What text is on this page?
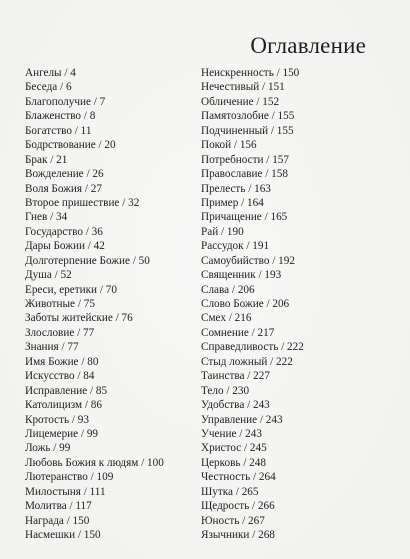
Оглавление
Ангелы / 4
Беседа / 6
Благополучие / 7
Блаженство / 8
Богатство / 11
Бодрствование / 20
Брак / 21
Вожделение / 26
Воля Божия / 27
Второе пришествие / 32
Гнев / 34
Государство / 36
Дары Божии / 42
Долготерпение Божие / 50
Душа / 52
Ереси, еретики / 70
Животные / 75
Заботы житейские / 76
Злословие / 77
Знания / 77
Имя Божие / 80
Искусство / 84
Исправление / 85
Католицизм / 86
Кротость / 93
Лицемерие / 99
Ложь / 99
Любовь Божия к людям / 100
Лютеранство / 109
Милостыня / 111
Молитва / 117
Награда / 150
Насмешки / 150
Неискренность / 150
Нечестивый / 151
Обличение / 152
Памятозлобие / 155
Подчиненный / 155
Покой / 156
Потребности / 157
Православие / 158
Прелесть / 163
Пример / 164
Причащение / 165
Рай / 190
Рассудок / 191
Самоубийство / 192
Священник / 193
Слава / 206
Слово Божие / 206
Смех / 216
Сомнение / 217
Справедливость / 222
Стыд ложный / 222
Таинства / 227
Тело / 230
Удобства / 243
Управление / 243
Учение / 243
Христос / 245
Церковь / 248
Честность / 264
Шутка / 265
Щедрость / 266
Юность / 267
Язычники / 268
